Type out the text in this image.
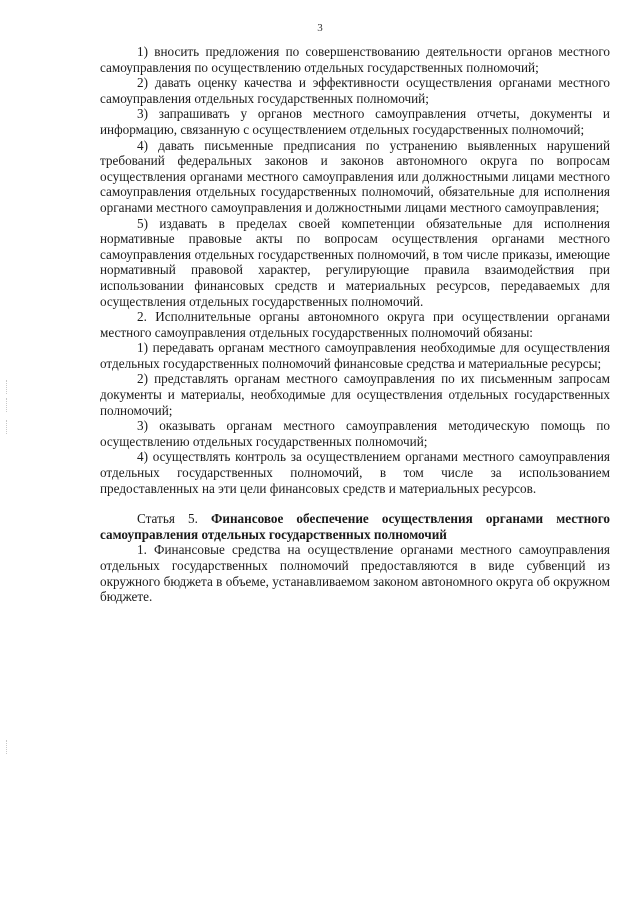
3

1) вносить предложения по совершенствованию деятельности органов местного самоуправления по осуществлению отдельных государственных полномочий;

2) давать оценку качества и эффективности осуществления органами местного самоуправления отдельных государственных полномочий;

3) запрашивать у органов местного самоуправления отчеты, документы и информацию, связанную с осуществлением отдельных государственных полномочий;

4) давать письменные предписания по устранению выявленных нарушений требований федеральных законов и законов автономного округа по вопросам осуществления органами местного самоуправления или должностными лицами местного самоуправления отдельных государственных полномочий, обязательные для исполнения органами местного самоуправления и должностными лицами местного самоуправления;

5) издавать в пределах своей компетенции обязательные для исполнения нормативные правовые акты по вопросам осуществления органами местного самоуправления отдельных государственных полномочий, в том числе приказы, имеющие нормативный правовой характер, регулирующие правила взаимодействия при использовании финансовых средств и материальных ресурсов, передаваемых для осуществления отдельных государственных полномочий.

2. Исполнительные органы автономного округа при осуществлении органами местного самоуправления отдельных государственных полномочий обязаны:

1) передавать органам местного самоуправления необходимые для осуществления отдельных государственных полномочий финансовые средства и материальные ресурсы;

2) представлять органам местного самоуправления по их письменным запросам документы и материалы, необходимые для осуществления отдельных государственных полномочий;

3) оказывать органам местного самоуправления методическую помощь по осуществлению отдельных государственных полномочий;

4) осуществлять контроль за осуществлением органами местного самоуправления отдельных государственных полномочий, в том числе за использованием предоставленных на эти цели финансовых средств и материальных ресурсов.

Статья 5. Финансовое обеспечение осуществления органами местного самоуправления отдельных государственных полномочий

1. Финансовые средства на осуществление органами местного самоуправления отдельных государственных полномочий предоставляются в виде субвенций из окружного бюджета в объеме, устанавливаемом законом автономного округа об окружном бюджете.
